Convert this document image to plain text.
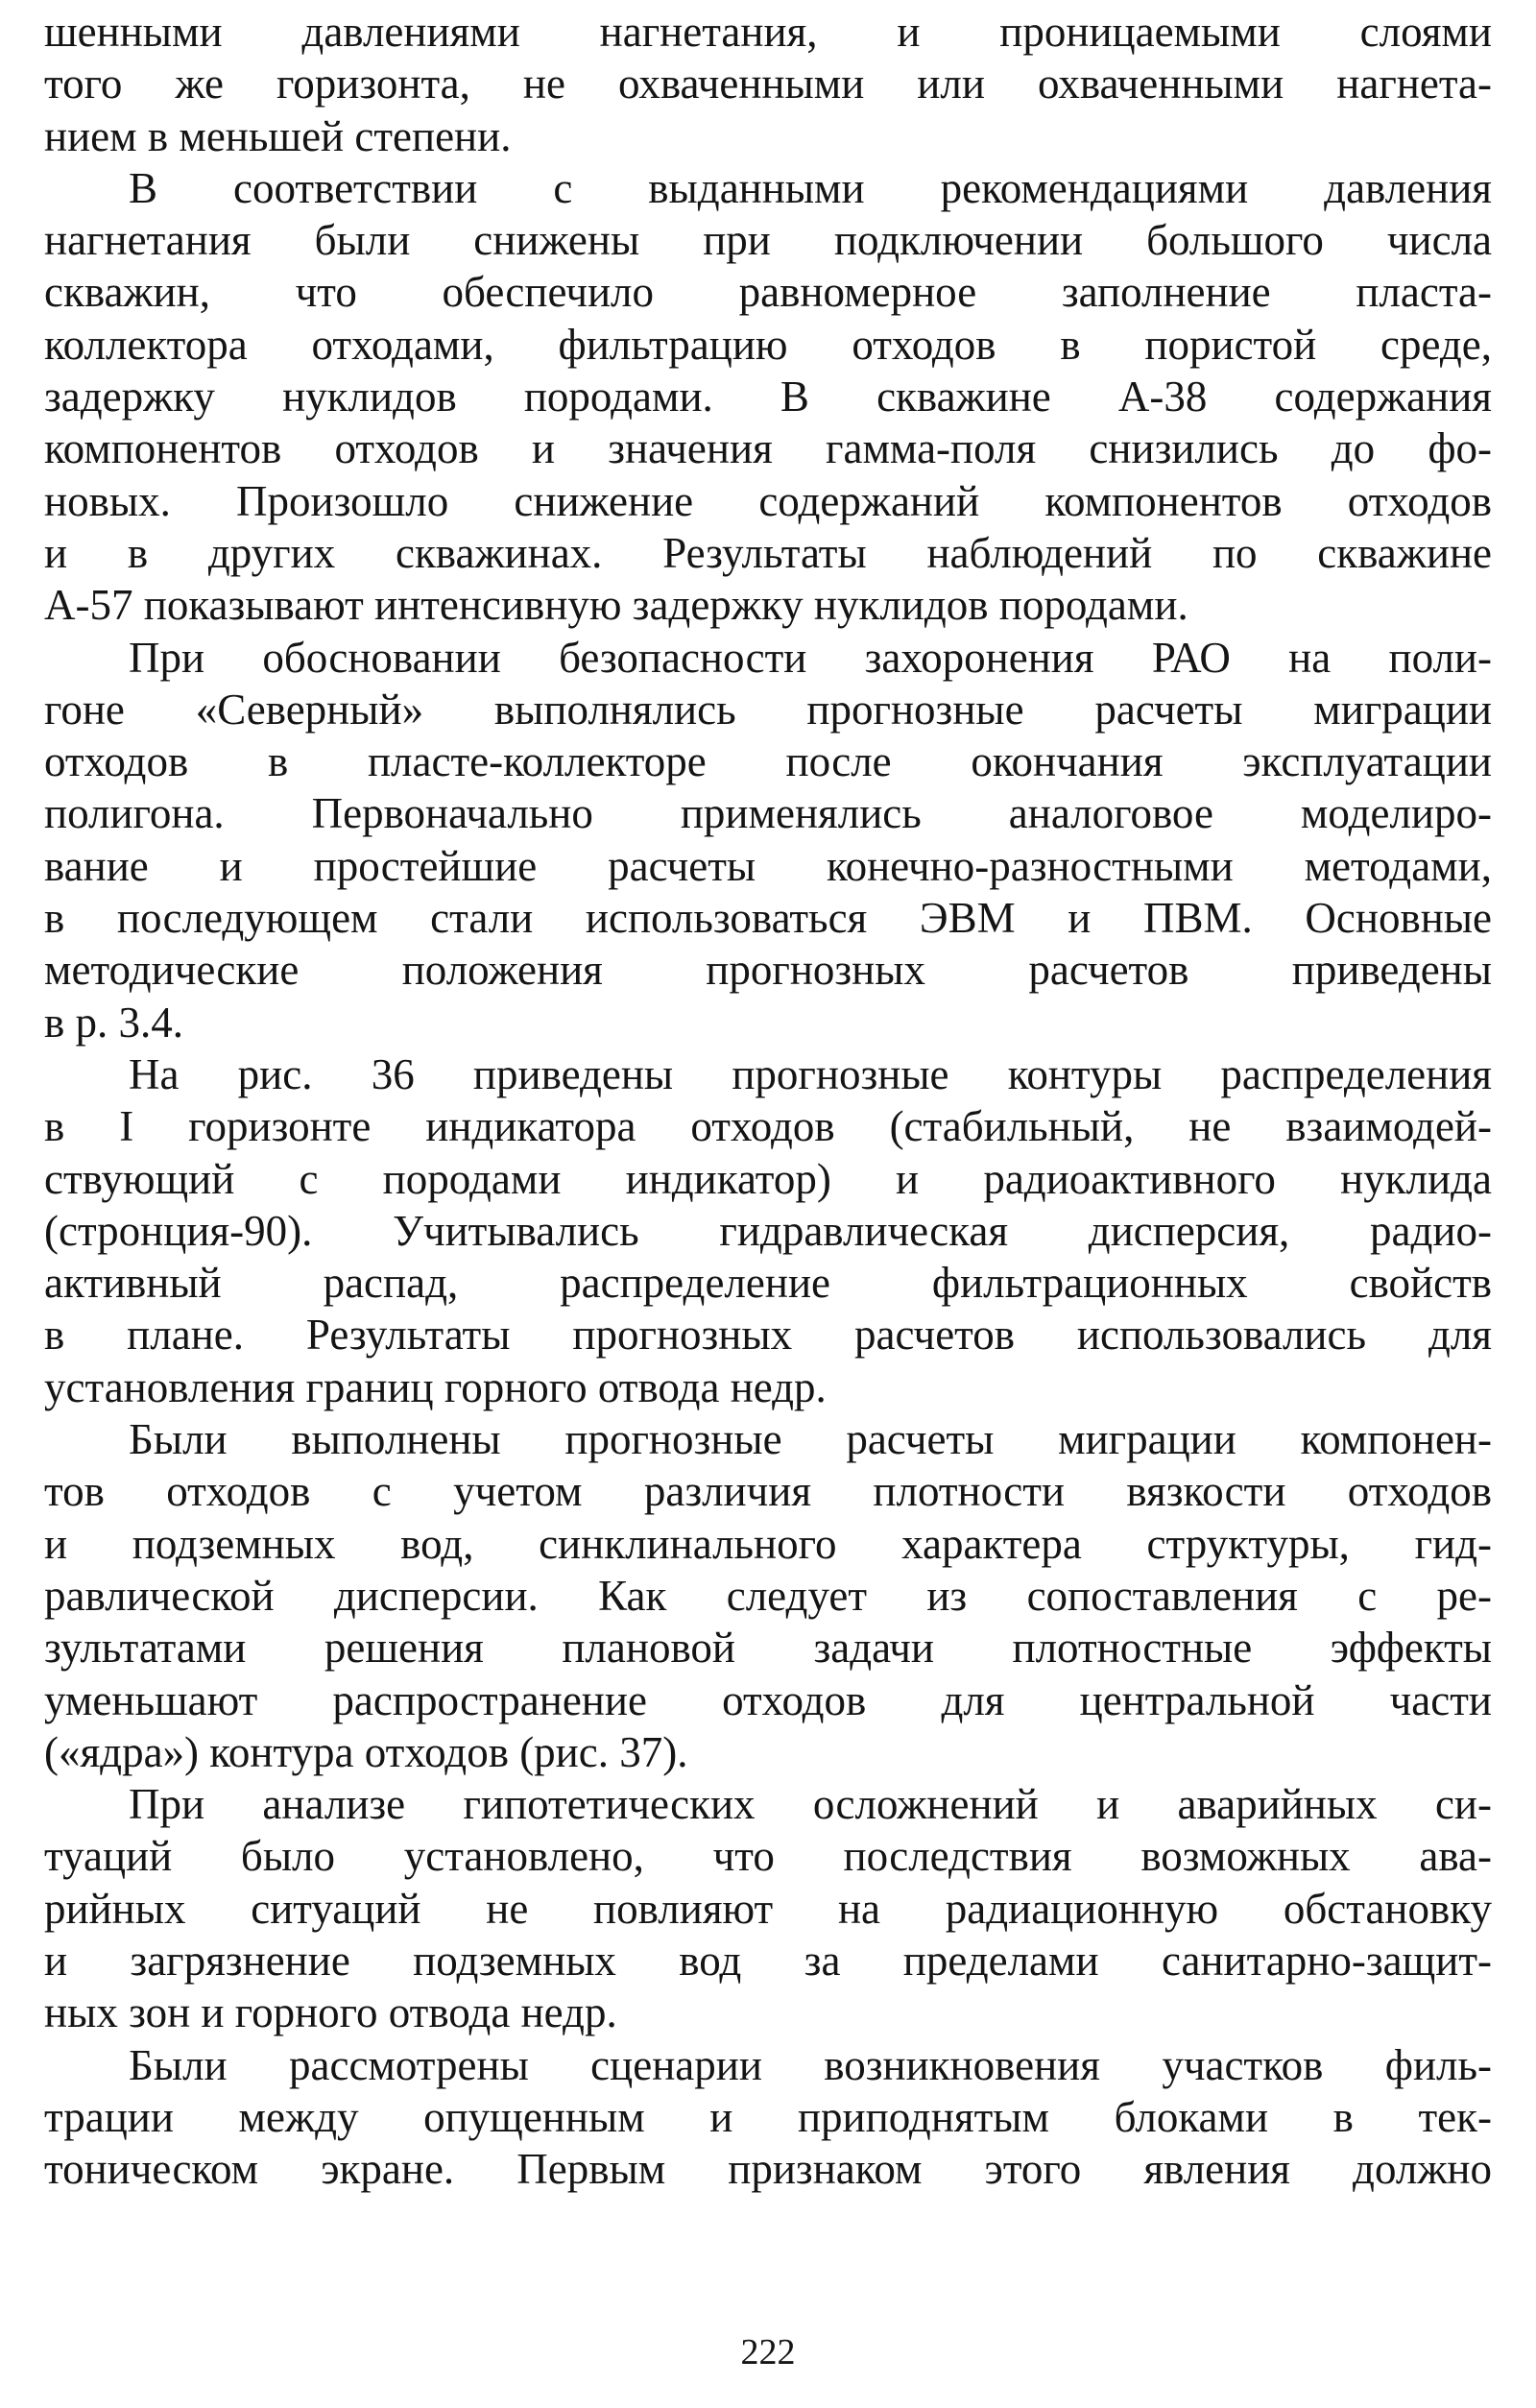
шенными давлениями нагнетания, и проницаемыми слоями
того же горизонта, не охваченными или охваченными нагнета-
нием в меньшей степени.
В соответствии с выданными рекомендациями давления
нагнетания были снижены при подключении большого числа
скважин, что обеспечило равномерное заполнение пласта-
коллектора отходами, фильтрацию отходов в пористой среде,
задержку нуклидов породами. В скважине А-38 содержания
компонентов отходов и значения гамма-поля снизились до фо-
новых. Произошло снижение содержаний компонентов отходов
и в других скважинах. Результаты наблюдений по скважине
А-57 показывают интенсивную задержку нуклидов породами.
При обосновании безопасности захоронения РАО на поли-
гоне «Северный» выполнялись прогнозные расчеты миграции
отходов в пласте-коллекторе после окончания эксплуатации
полигона. Первоначально применялись аналоговое моделиро-
вание и простейшие расчеты конечно-разностными методами,
в последующем стали использоваться ЭВМ и ПВМ. Основные
методические положения прогнозных расчетов приведены
в р. 3.4.
На рис. 36 приведены прогнозные контуры распределения
в I горизонте индикатора отходов (стабильный, не взаимодей-
ствующий с породами индикатор) и радиоактивного нуклида
(стронция-90). Учитывались гидравлическая дисперсия, радио-
активный распад, распределение фильтрационных свойств
в плане. Результаты прогнозных расчетов использовались для
установления границ горного отвода недр.
Были выполнены прогнозные расчеты миграции компонен-
тов отходов с учетом различия плотности вязкости отходов
и подземных вод, синклинального характера структуры, гид-
равлической дисперсии. Как следует из сопоставления с ре-
зультатами решения плановой задачи плотностные эффекты
уменьшают распространение отходов для центральной части
(«ядра») контура отходов (рис. 37).
При анализе гипотетических осложнений и аварийных си-
туаций было установлено, что последствия возможных ава-
рийных ситуаций не повлияют на радиационную обстановку
и загрязнение подземных вод за пределами санитарно-защит-
ных зон и горного отвода недр.
Были рассмотрены сценарии возникновения участков филь-
трации между опущенным и приподнятым блоками в тек-
тоническом экране. Первым признаком этого явления должно
222
